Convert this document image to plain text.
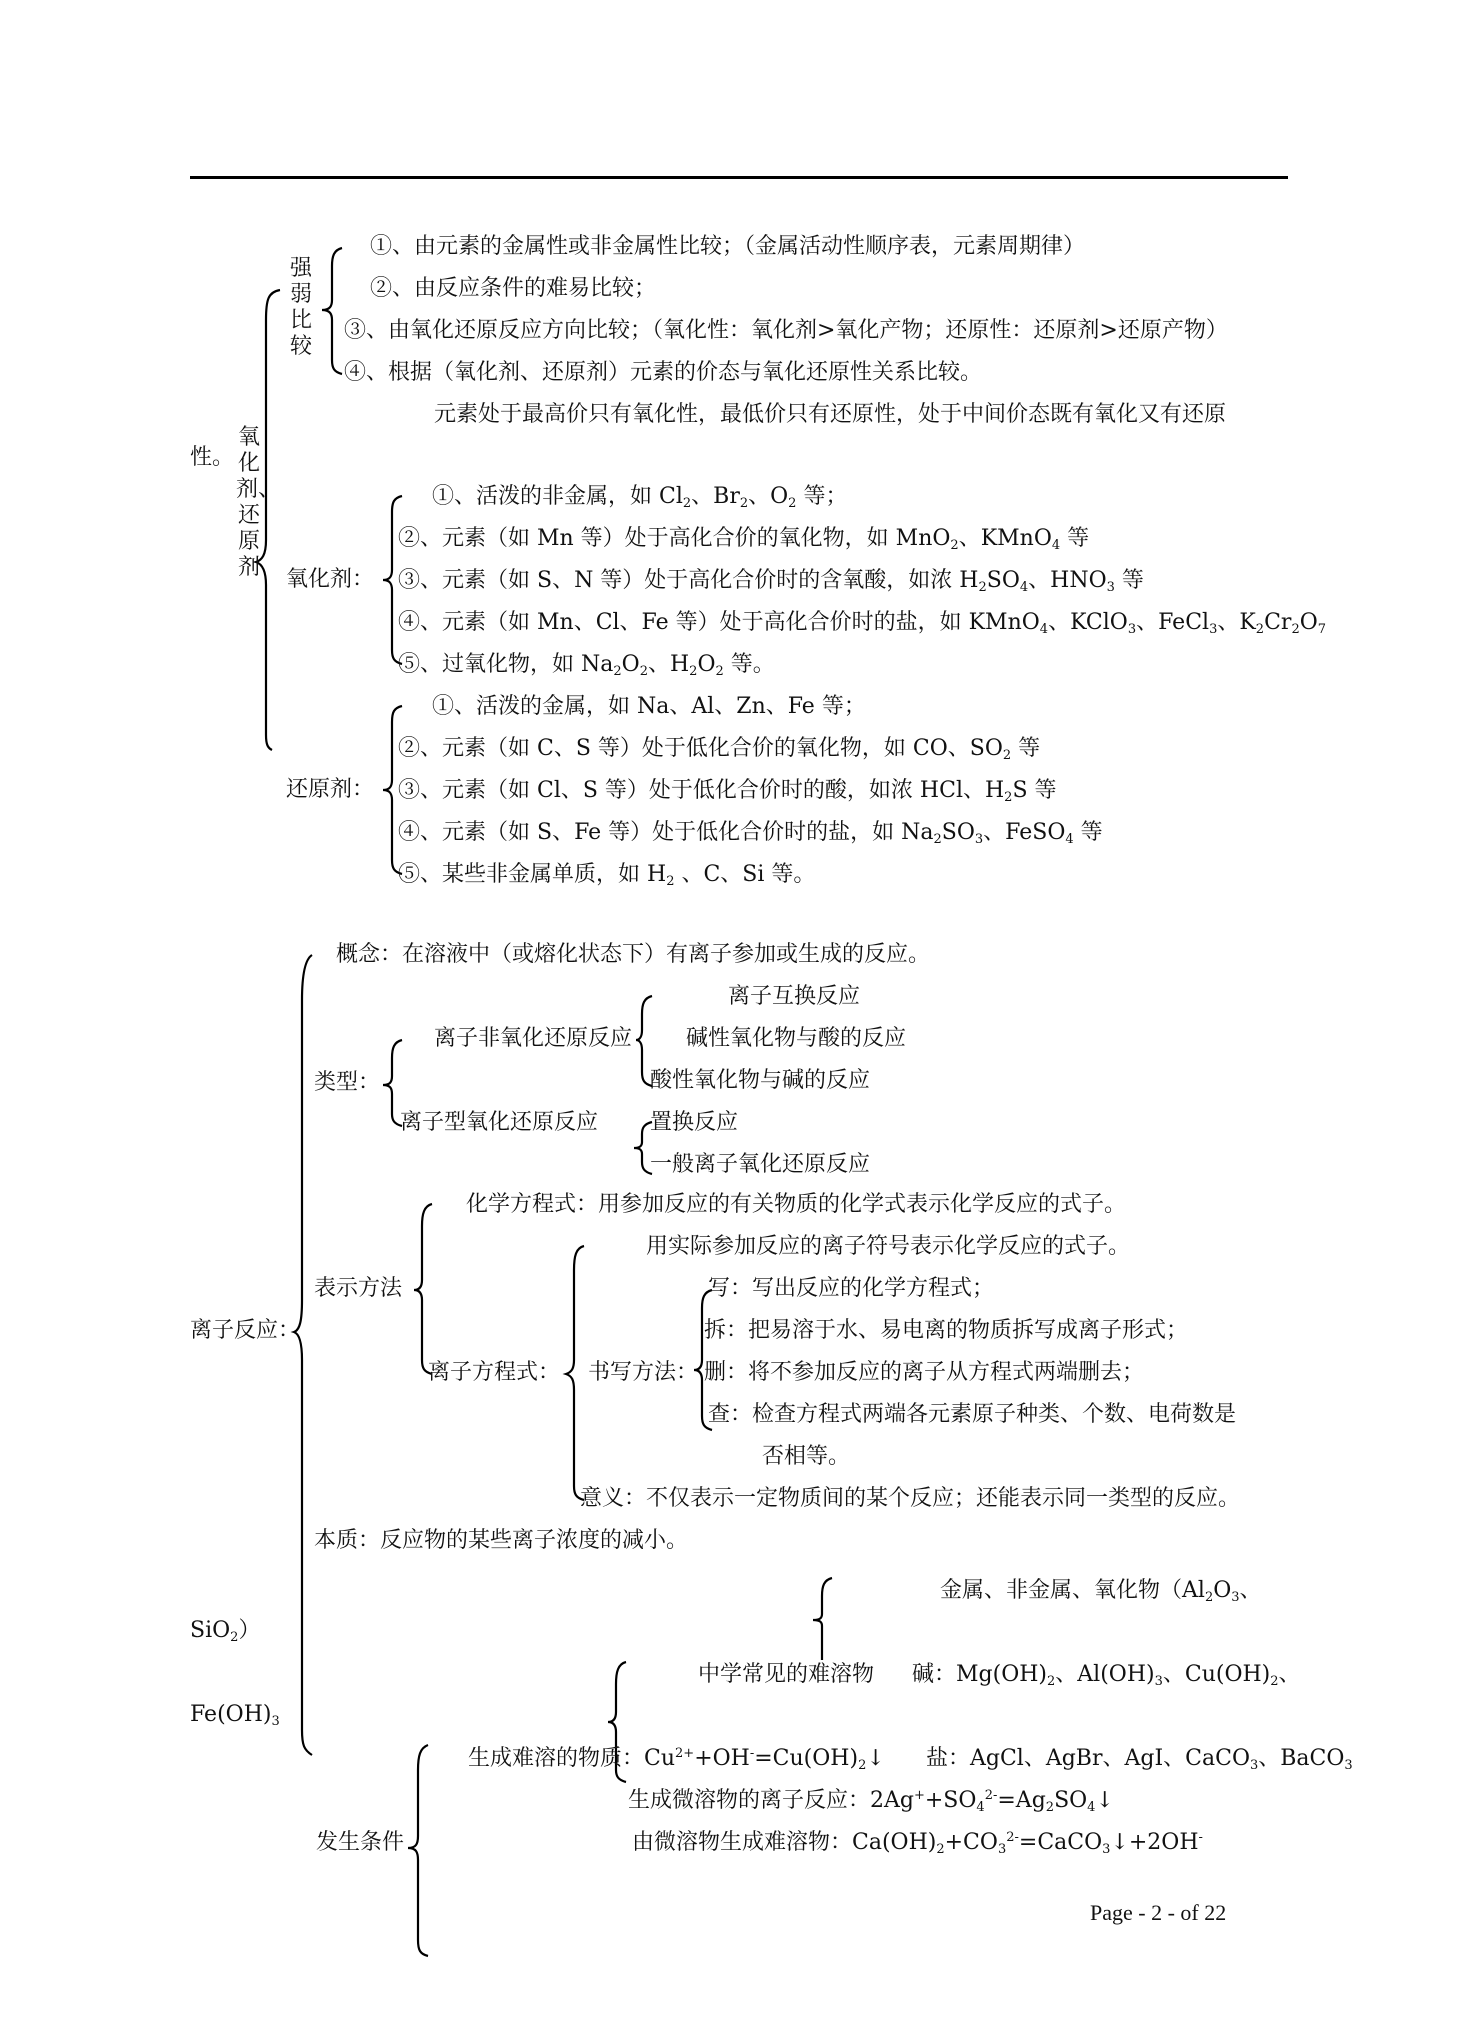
性。
氧化剂、还原剂
强弱比较
①、由元素的金属性或非金属性比较；（金属活动性顺序表，元素周期律）
②、由反应条件的难易比较；
③、由氧化还原反应方向比较；（氧化性：氧化剂>氧化产物；还原性：还原剂>还原产物）
④、根据（氧化剂、还原剂）元素的价态与氧化还原性关系比较。
元素处于最高价只有氧化性，最低价只有还原性，处于中间价态既有氧化又有还原
氧化剂：
①、活泼的非金属，如 $Cl_2$、$Br_2$、$O_2$ 等；
②、元素（如 Mn 等）处于高化合价的氧化物，如 MnO$_2$、KMnO$_4$ 等
③、元素（如 S、N 等）处于高化合价时的含氧酸，如浓 $H_2SO_4$、$HNO_3$ 等
④、元素（如 Mn、Cl、Fe 等）处于高化合价时的盐，如 KMnO$_4$、KClO$_3$、FeCl$_3$、$K_2Cr_2O_7$
⑤、过氧化物，如 $Na_2O_2$、$H_2O_2$ 等。
还原剂：
①、活泼的金属，如 Na、Al、Zn、Fe 等；
②、元素（如 C、S 等）处于低化合价的氧化物，如 CO、$SO_2$ 等
③、元素（如 Cl、S 等）处于低化合价时的酸，如浓 HCl、$H_2S$ 等
④、元素（如 S、Fe 等）处于低化合价时的盐，如 $Na_2SO_3$、FeSO$_4$ 等
⑤、某些非金属单质，如 $H_2$ 、C、Si 等。
离子反应：
概念：在溶液中（或熔化状态下）有离子参加或生成的反应。
类型：
离子非氧化还原反应
离子互换反应
碱性氧化物与酸的反应
酸性氧化物与碱的反应
离子型氧化还原反应 置换反应
一般离子氧化还原反应
表示方法
化学方程式：用参加反应的有关物质的化学式表示化学反应的式子。
离子方程式：
用实际参加反应的离子符号表示化学反应的式子。
书写方法：
写：写出反应的化学方程式；
拆：把易溶于水、易电离的物质拆写成离子形式；
删：将不参加反应的离子从方程式两端删去；
查：检查方程式两端各元素原子种类、个数、电荷数是
否相等。
意义：不仅表示一定物质间的某个反应；还能表示同一类型的反应。
本质：反应物的某些离子浓度的减小。
金属、非金属、氧化物（$Al_2O_3$、
SiO$_2$）
中学常见的难溶物 碱：$Mg(OH)_2$、$Al(OH)_3$、$Cu(OH)_2$、
$Fe(OH)_3$
生成难溶的物质：$Cu^{2+}+OH^-=Cu(OH)_2↓$ 盐：AgCl、AgBr、AgI、CaCO$_3$、BaCO$_3$
生成微溶物的离子反应：$2Ag^++SO_4^{2-}=Ag_2SO_4↓$
发生条件	由微溶物生成难溶物：$Ca(OH)_2+CO_3^{2-}=CaCO_3↓+2OH^-$
Page - 2 - of 22
